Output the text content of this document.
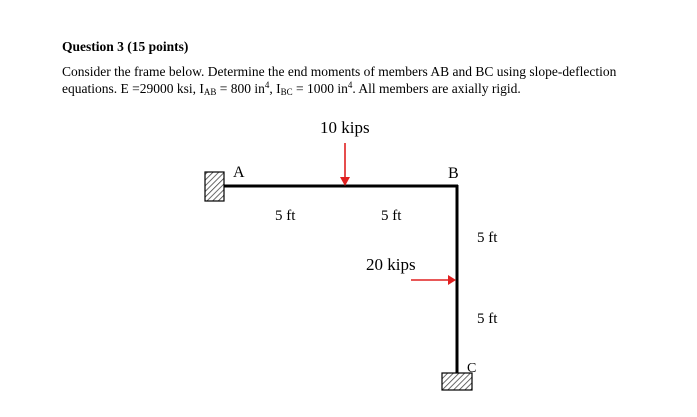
Question 3 (15 points)
Consider the frame below. Determine the end moments of members AB and BC using slope-deflection
equations. E =29000 ksi, $I_{AB} = 800$ $in^4$, $I_{BC} = 1000$ $in^4$. All members are axially rigid.
10 kips
20 kips
A	B
C
5 ft	5 ft
5 ft
5 ft
